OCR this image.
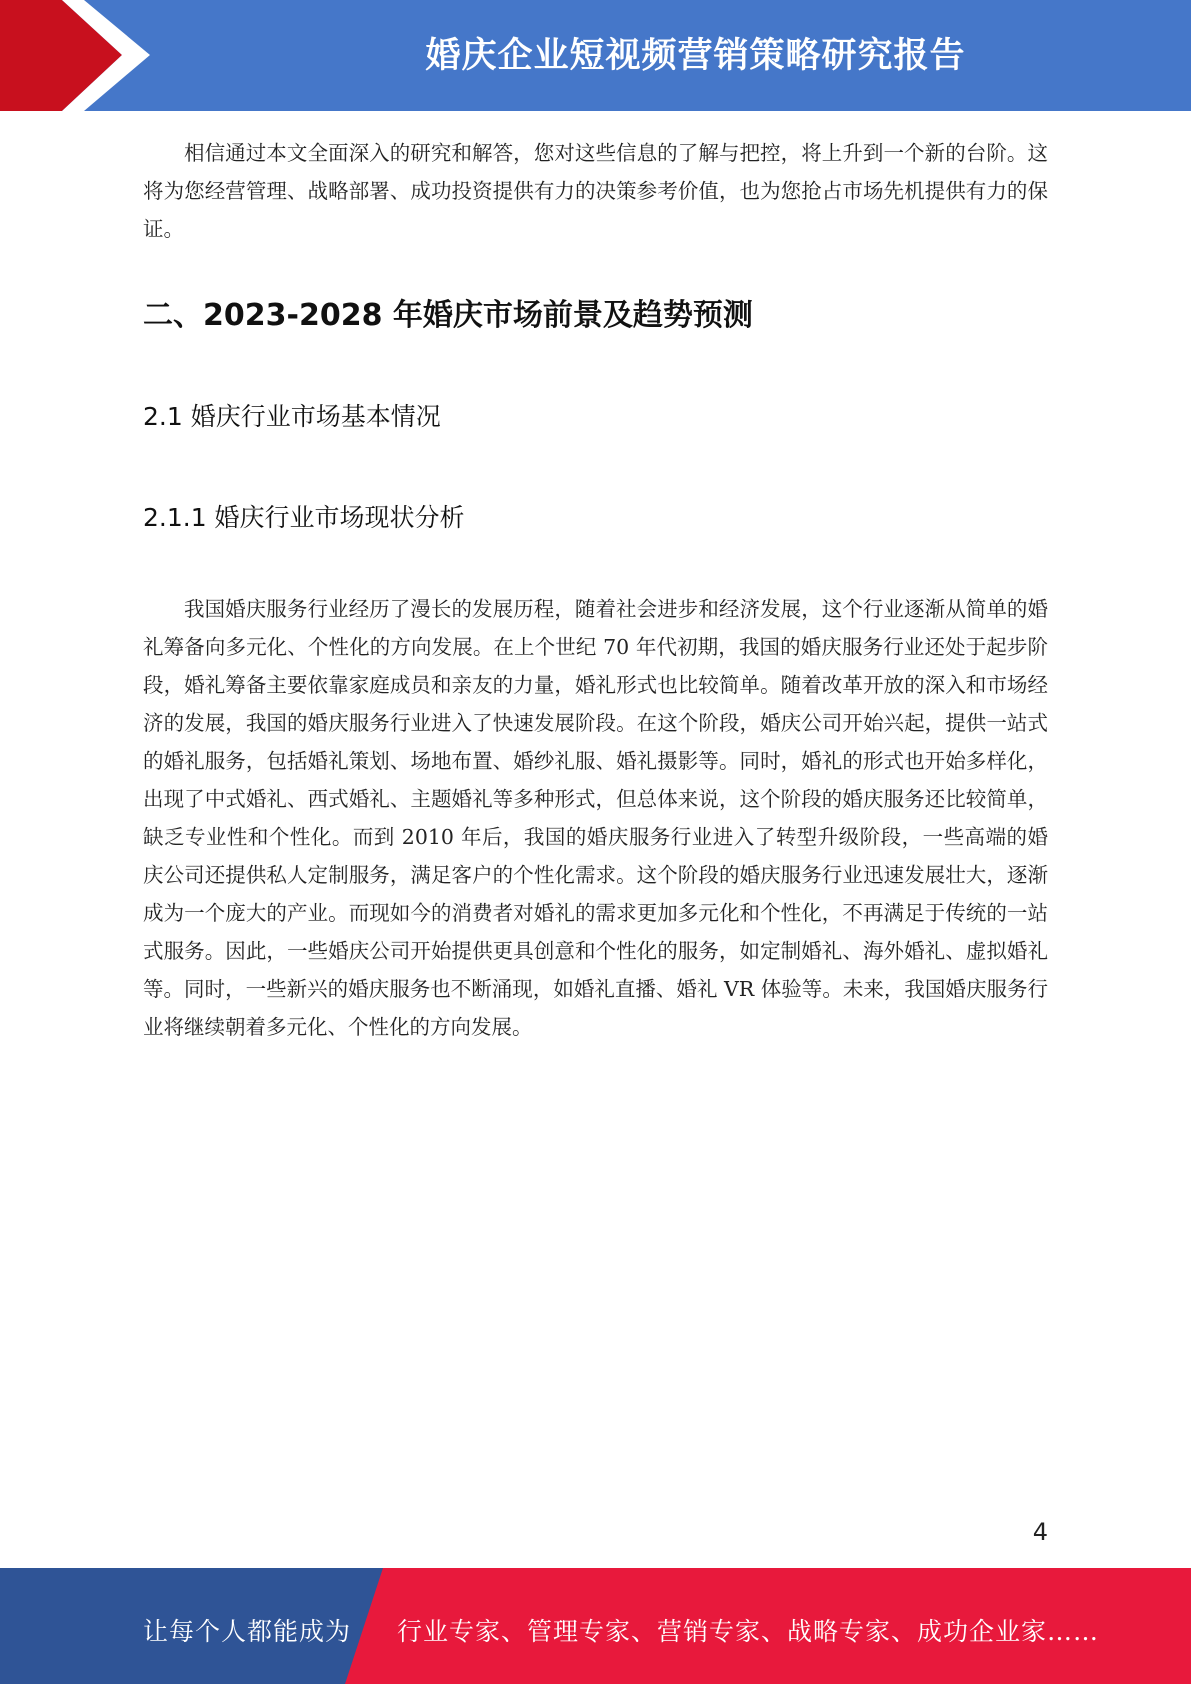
婚庆企业短视频营销策略研究报告

相信通过本文全面深入的研究和解答，您对这些信息的了解与把控，将上升到一个新的台阶。这将为您经营管理、战略部署、成功投资提供有力的决策参考价值，也为您抢占市场先机提供有力的保证。

二、2023-2028 年婚庆市场前景及趋势预测
2.1 婚庆行业市场基本情况
2.1.1 婚庆行业市场现状分析

我国婚庆服务行业经历了漫长的发展历程，随着社会进步和经济发展，这个行业逐渐从简单的婚礼筹备向多元化、个性化的方向发展。在上个世纪 70 年代初期，我国的婚庆服务行业还处于起步阶段，婚礼筹备主要依靠家庭成员和亲友的力量，婚礼形式也比较简单。随着改革开放的深入和市场经济的发展，我国的婚庆服务行业进入了快速发展阶段。在这个阶段，婚庆公司开始兴起，提供一站式的婚礼服务，包括婚礼策划、场地布置、婚纱礼服、婚礼摄影等。同时，婚礼的形式也开始多样化，出现了中式婚礼、西式婚礼、主题婚礼等多种形式，但总体来说，这个阶段的婚庆服务还比较简单，缺乏专业性和个性化。而到 2010 年后，我国的婚庆服务行业进入了转型升级阶段，一些高端的婚庆公司还提供私人定制服务，满足客户的个性化需求。这个阶段的婚庆服务行业迅速发展壮大，逐渐成为一个庞大的产业。而现如今的消费者对婚礼的需求更加多元化和个性化，不再满足于传统的一站式服务。因此，一些婚庆公司开始提供更具创意和个性化的服务，如定制婚礼、海外婚礼、虚拟婚礼等。同时，一些新兴的婚庆服务也不断涌现，如婚礼直播、婚礼 VR 体验等。未来，我国婚庆服务行业将继续朝着多元化、个性化的方向发展。

4
让每个人都能成为 行业专家、管理专家、营销专家、战略专家、成功企业家……
